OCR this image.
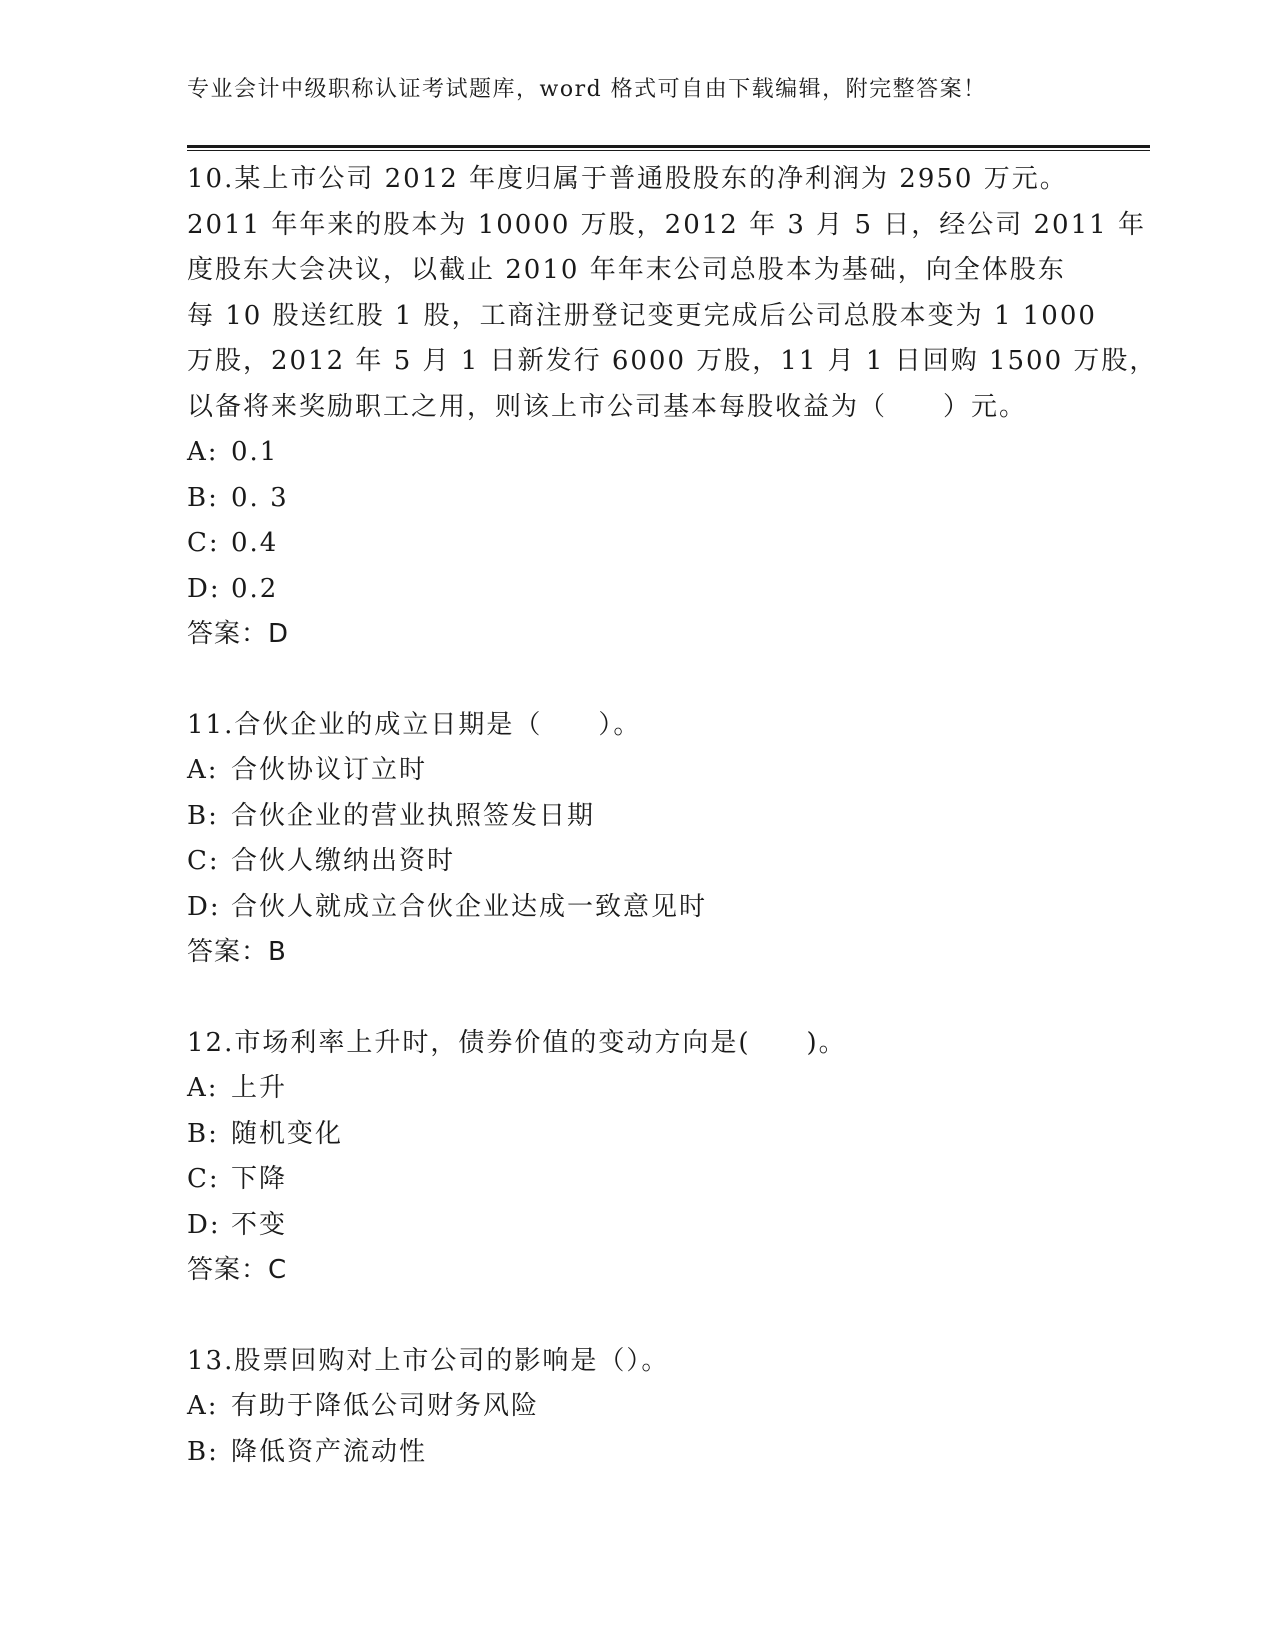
专业会计中级职称认证考试题库，word 格式可自由下载编辑，附完整答案！
10.某上市公司 2012 年度归属于普通股股东的净利润为 2950 万元。
2011 年年来的股本为 10000 万股，2012 年 3 月 5 日，经公司 2011 年
度股东大会决议，以截止 2010 年年末公司总股本为基础，向全体股东
每 10 股送红股 1 股，工商注册登记变更完成后公司总股本变为 1 1000
万股，2012 年 5 月 1 日新发行 6000 万股，11 月 1 日回购 1500 万股，
以备将来奖励职工之用，则该上市公司基本每股收益为（　　）元。
A: 0.1
B: 0. 3
C: 0.4
D: 0.2
答案：D
11.合伙企业的成立日期是（　　）。
A: 合伙协议订立时
B: 合伙企业的营业执照签发日期
C: 合伙人缴纳出资时
D: 合伙人就成立合伙企业达成一致意见时
答案：B
12.市场利率上升时，债券价值的变动方向是(　　)。
A: 上升
B: 随机变化
C: 下降
D: 不变
答案：C
13.股票回购对上市公司的影响是（）。
A: 有助于降低公司财务风险
B: 降低资产流动性
